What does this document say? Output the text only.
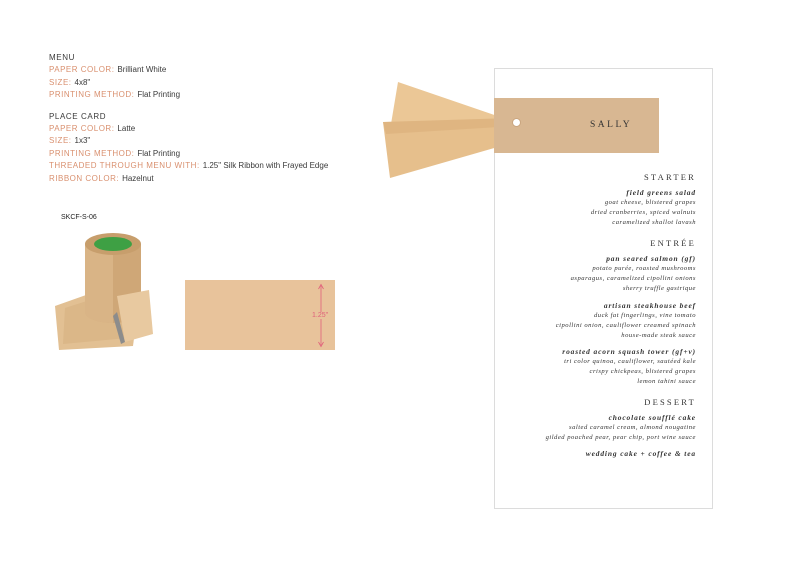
MENU
PAPER COLOR: Brilliant White
SIZE: 4x8"
PRINTING METHOD: Flat Printing
PLACE CARD
PAPER COLOR: Latte
SIZE: 1x3"
PRINTING METHOD: Flat Printing
THREADED THROUGH MENU WITH: 1.25" Silk Ribbon with Frayed Edge
RIBBON COLOR: Hazelnut
SKCF-S-06
1.25"
SALLY
STARTER
field greens salad
goat cheese, blistered grapes
dried cranberries, spiced walnuts
caramelized shallot lavash
ENTRÉE
pan seared salmon (gf)
potato purée, roasted mushrooms
asparagus, caramelized cipollini onions
sherry truffle gastrique
artisan steakhouse beef
duck fat fingerlings, vine tomato
cipollini onion, cauliflower creamed spinach
house-made steak sauce
roasted acorn squash tower (gf+v)
tri color quinoa, cauliflower, sautéed kale
crispy chickpeas, blistered grapes
lemon tahini sauce
DESSERT
chocolate soufflé cake
salted caramel cream, almond nougatine
gilded poached pear, pear chip, port wine sauce
wedding cake + coffee & tea
